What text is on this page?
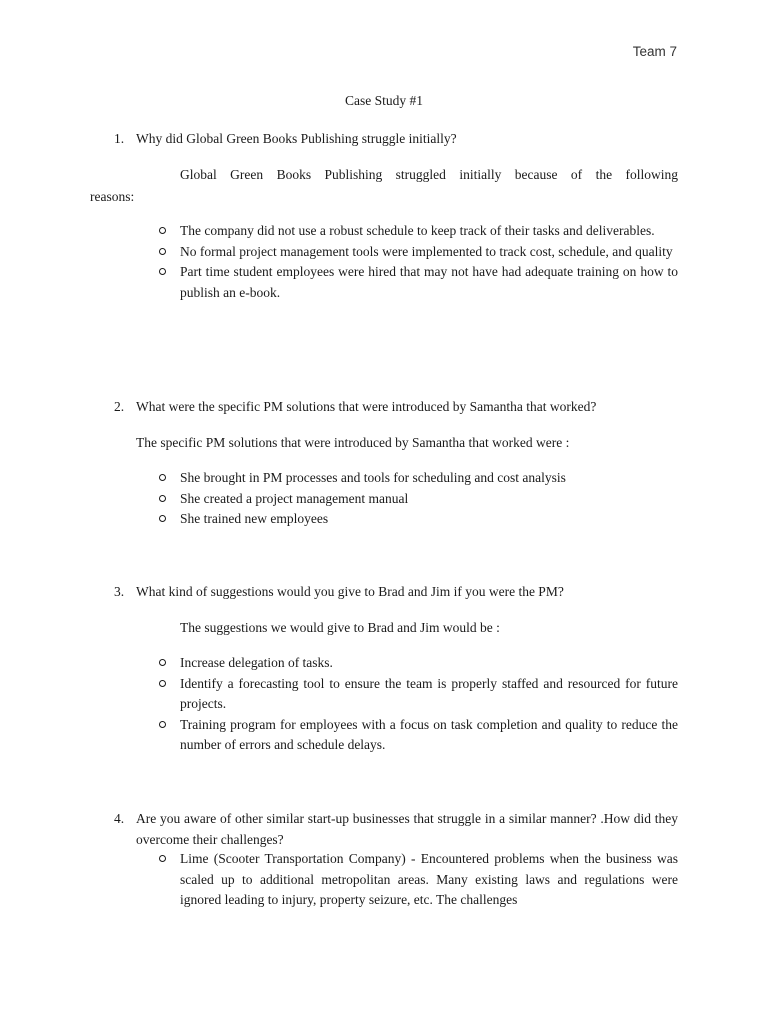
Team 7
Case Study #1
1. Why did Global Green Books Publishing struggle initially?
Global Green Books Publishing struggled initially because of the following
reasons:
The company did not use a robust schedule to keep track of their tasks and deliverables.
No formal project management tools were implemented to track cost, schedule, and quality
Part time student employees were hired that may not have had adequate training on how to publish an e-book.
2. What were the specific PM solutions that were introduced by Samantha that worked?
The specific PM solutions that were introduced by Samantha that worked were :
She brought in PM processes and tools for scheduling and cost analysis
She created a project management manual
She trained new employees
3. What kind of suggestions would you give to Brad and Jim if you were the PM?
The suggestions we would give to Brad and Jim would be :
Increase delegation of tasks.
Identify a forecasting tool to ensure the team is properly staffed and resourced for future projects.
Training program for employees with a focus on task completion and quality to reduce the number of errors and schedule delays.
4. Are you aware of other similar start-up businesses that struggle in a similar manner? .How did they overcome their challenges?
Lime (Scooter Transportation Company) - Encountered problems when the business was scaled up to additional metropolitan areas. Many existing laws and regulations were ignored leading to injury, property seizure, etc. The challenges
